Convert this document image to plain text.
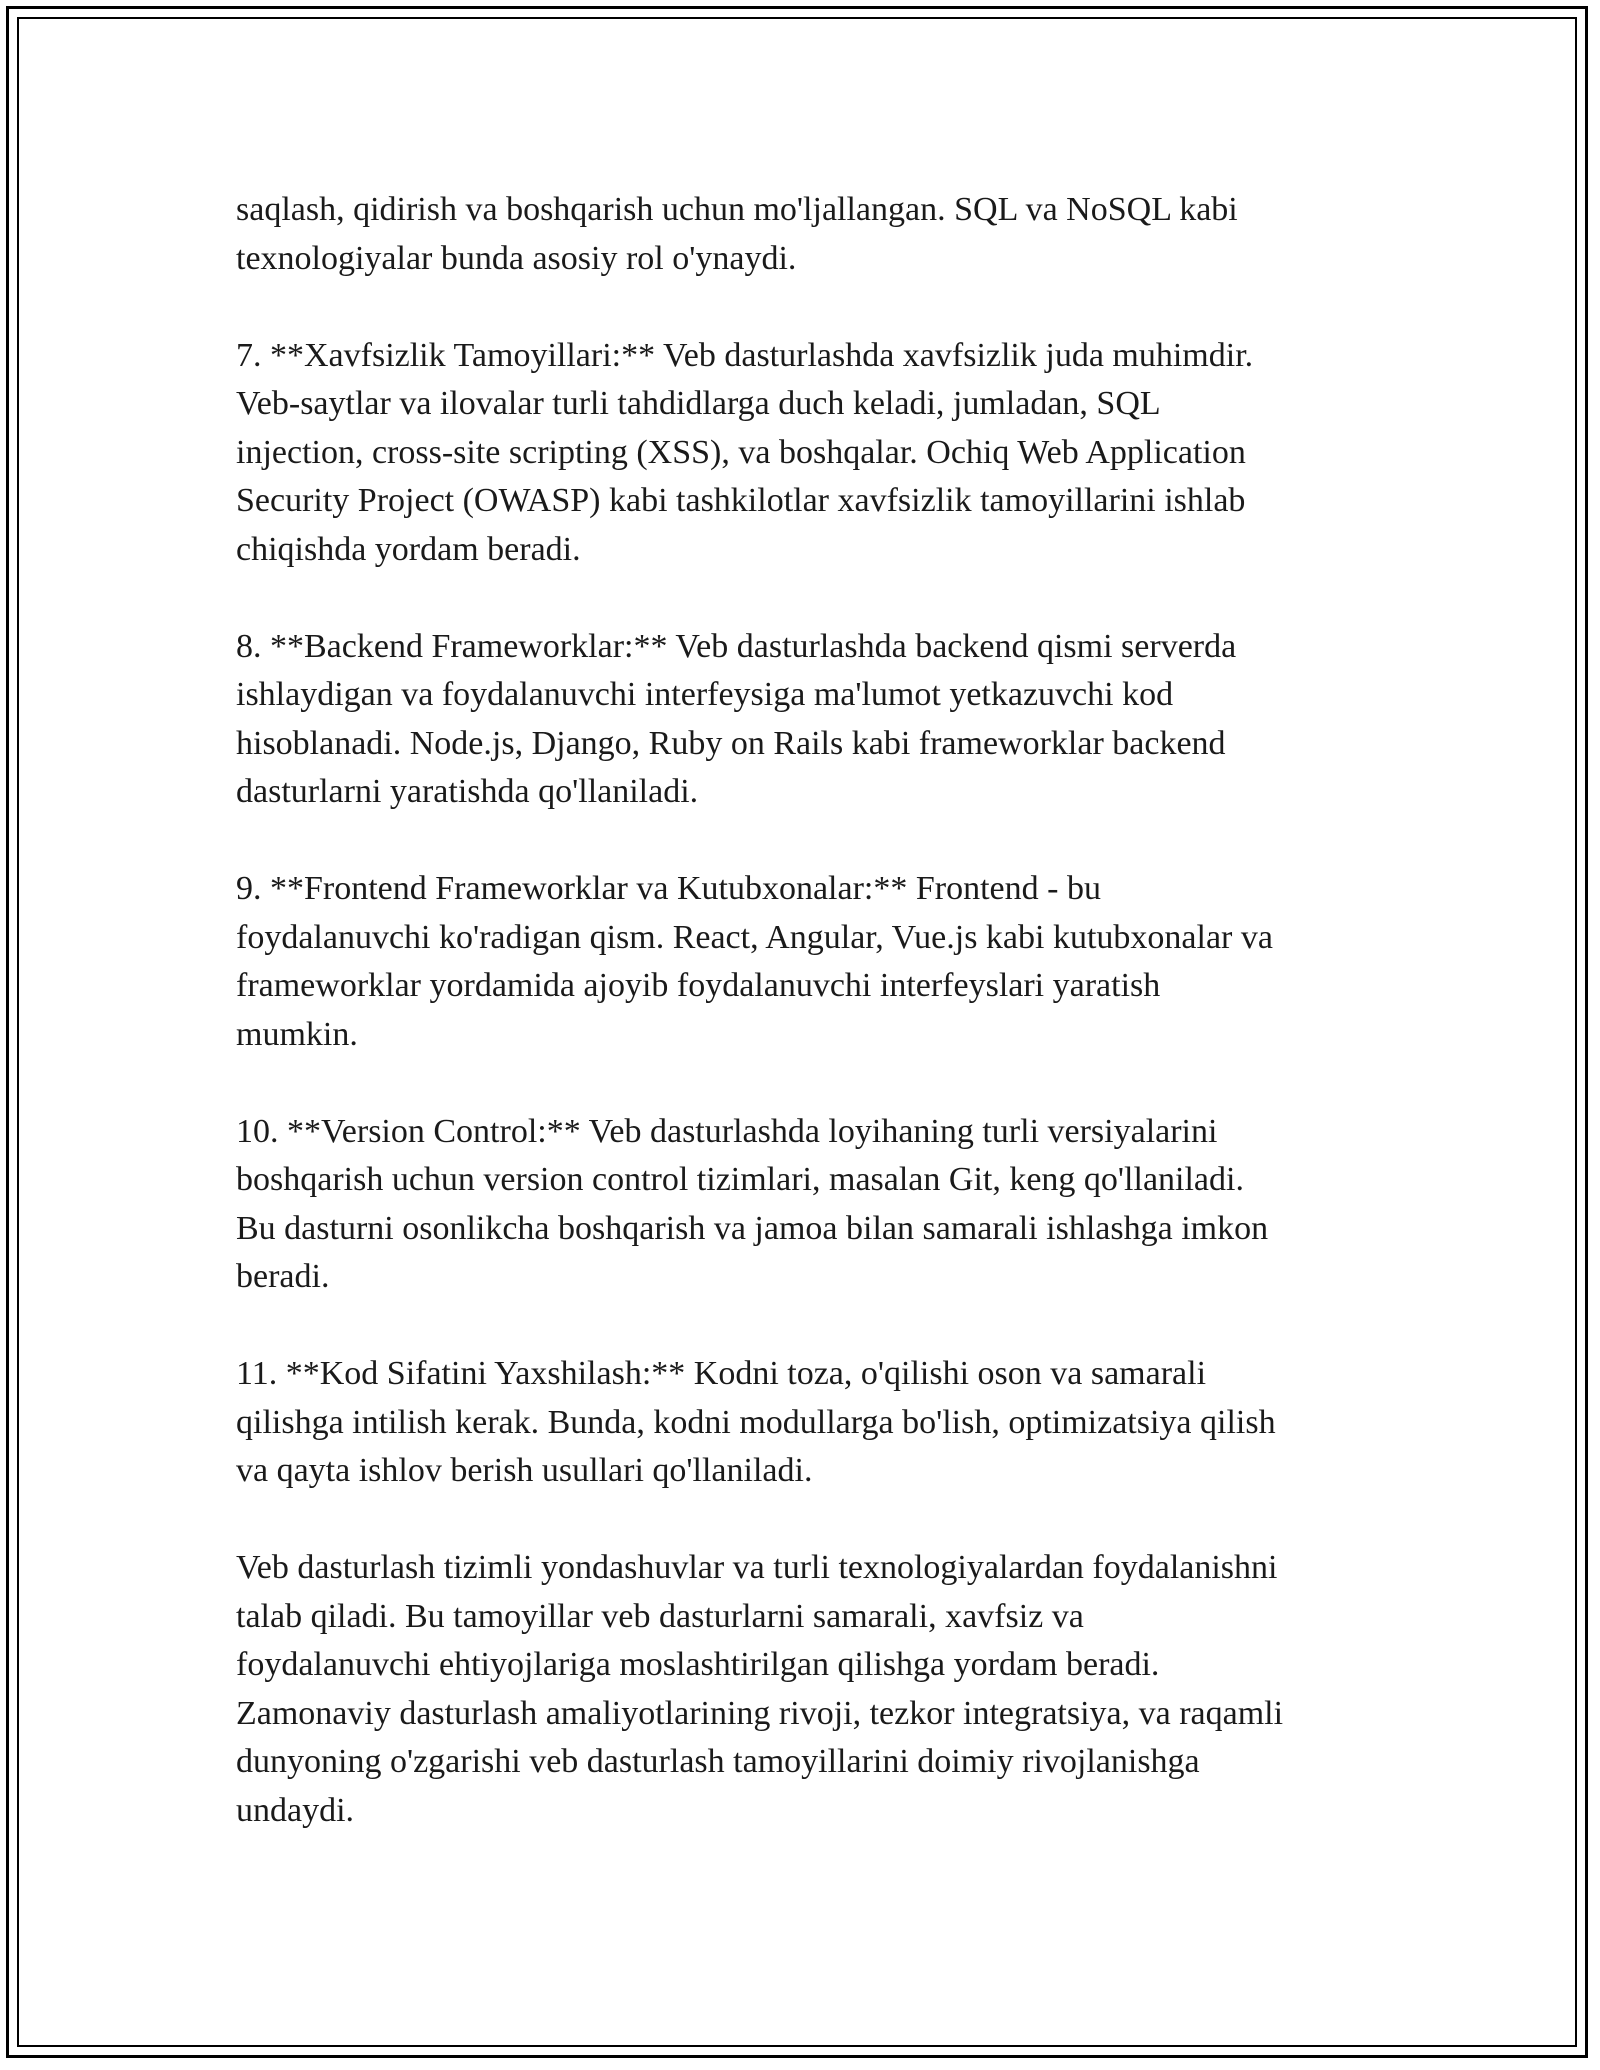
saqlash, qidirish va boshqarish uchun mo'ljallangan. SQL va NoSQL kabi
texnologiyalar bunda asosiy rol o'ynaydi.

7. **Xavfsizlik Tamoyillari:** Veb dasturlashda xavfsizlik juda muhimdir.
Veb-saytlar va ilovalar turli tahdidlarga duch keladi, jumladan, SQL
injection, cross-site scripting (XSS), va boshqalar. Ochiq Web Application
Security Project (OWASP) kabi tashkilotlar xavfsizlik tamoyillarini ishlab
chiqishda yordam beradi.

8. **Backend Frameworklar:** Veb dasturlashda backend qismi serverda
ishlaydigan va foydalanuvchi interfeysiga ma'lumot yetkazuvchi kod
hisoblanadi. Node.js, Django, Ruby on Rails kabi frameworklar backend
dasturlarni yaratishda qo'llaniladi.

9. **Frontend Frameworklar va Kutubxonalar:** Frontend - bu
foydalanuvchi ko'radigan qism. React, Angular, Vue.js kabi kutubxonalar va
frameworklar yordamida ajoyib foydalanuvchi interfeyslari yaratish
mumkin.

10. **Version Control:** Veb dasturlashda loyihaning turli versiyalarini
boshqarish uchun version control tizimlari, masalan Git, keng qo'llaniladi.
Bu dasturni osonlikcha boshqarish va jamoa bilan samarali ishlashga imkon
beradi.

11. **Kod Sifatini Yaxshilash:** Kodni toza, o'qilishi oson va samarali
qilishga intilish kerak. Bunda, kodni modullarga bo'lish, optimizatsiya qilish
va qayta ishlov berish usullari qo'llaniladi.

Veb dasturlash tizimli yondashuvlar va turli texnologiyalardan foydalanishni
talab qiladi. Bu tamoyillar veb dasturlarni samarali, xavfsiz va
foydalanuvchi ehtiyojlariga moslashtirilgan qilishga yordam beradi.
Zamonaviy dasturlash amaliyotlarining rivoji, tezkor integratsiya, va raqamli
dunyoning o'zgarishi veb dasturlash tamoyillarini doimiy rivojlanishga
undaydi.
